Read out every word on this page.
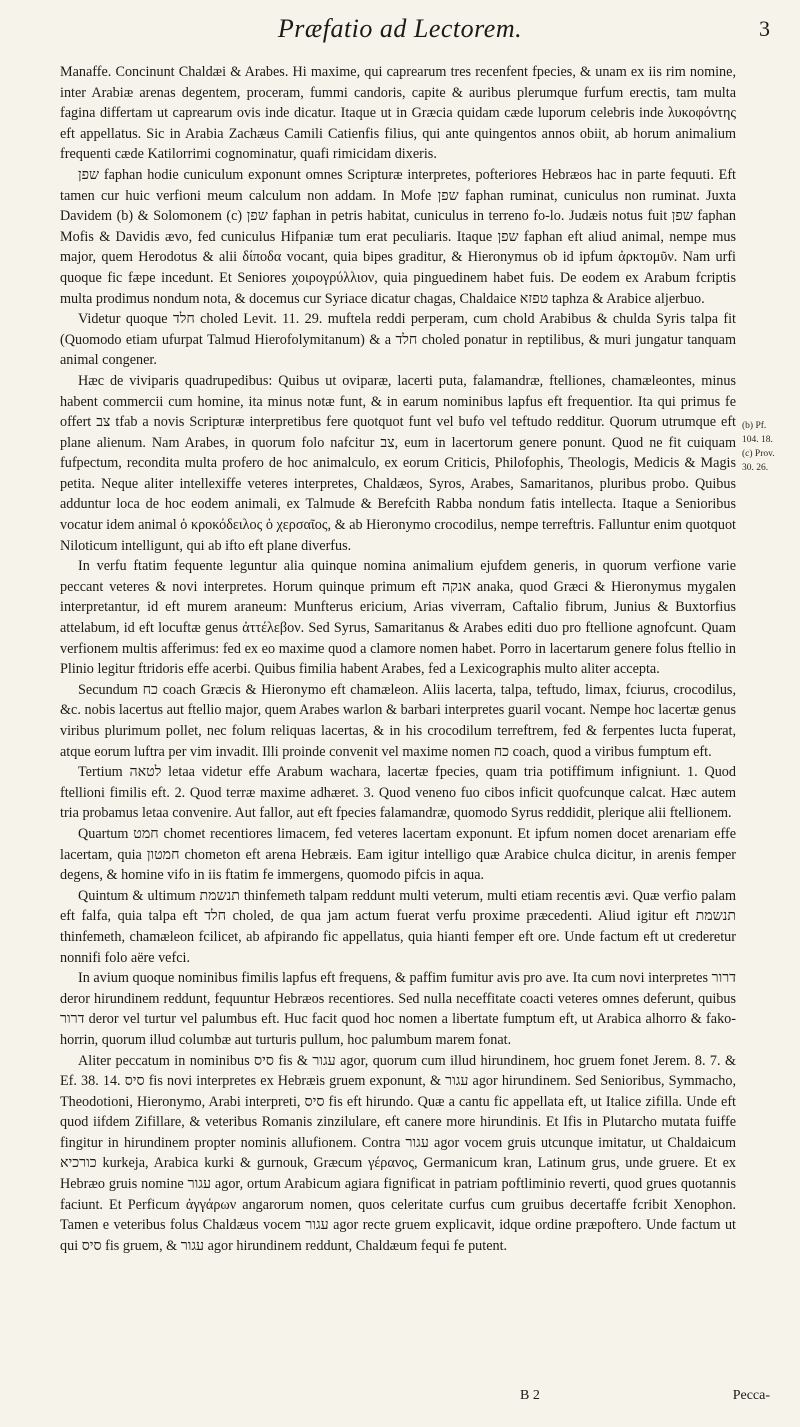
Præfatio ad Lectorem.	3

Manaffe. Concinunt Chaldæi & Arabes. Hi maxime, qui caprearum tres recenfent fpecies, & unam ex iis rim nomine, inter Arabiæ arenas degentem, proceram, fummi candoris, capite & auribus plerumque furfum erectis, tam multa fagina differtam ut caprearum ovis inde dicatur. Itaque ut in Græcia quidam cæde luporum celebris inde λυκοφόντης eft appellatus. Sic in Arabia Zachæus Camili Catienfis filius, qui ante quingentos annos obiit, ab horum animalium frequenti cæde Katilorrimi cognominatur, quafi rimicidam dixeris.

שפן faphan hodie cuniculum exponunt omnes Scripturæ interpretes, pofteriores Hebræos hac in parte fequuti. Eft tamen cur huic verfioni meum calculum non addam. In Mofe שפן faphan ruminat, cuniculus non ruminat. Juxta Davidem (b) & Solomonem (c) שפן faphan in petris habitat, cuniculus in terreno fo-lo. Judæis notus fuit שפן faphan Mofis & Davidis ævo, fed cuniculus Hifpaniæ tum erat peculiaris. Itaque שפן faphan eft aliud animal, nempe mus major, quem Herodotus & alii δίποδα vocant, quia bipes graditur, & Hieronymus ob id ipfum ἀρκτομῦν. Nam urfi quoque fic fæpe incedunt. Et Seniores χοιρογρύλλιον, quia pinguedinem habet fuis. De eodem ex Arabum fcriptis multa prodimus nondum nota, & docemus cur Syriace dicatur chagas, Chaldaice טפזא taphza & Arabice aljerbuo.

Videtur quoque חלד choled Levit. 11. 29. muftela reddi perperam, cum chold Arabibus & chulda Syris talpa fit (Quomodo etiam ufurpat Talmud Hierofolymitanum) & a חלד choled ponatur in reptilibus, & muri jungatur tanquam animal congener.

Hæc de viviparis quadrupedibus: Quibus ut oviparæ, lacerti puta, falamandræ, ftelliones, chamæleontes, minus habent commercii cum homine, ita minus notæ funt, & in earum nominibus lapfus eft frequentior. Ita qui primus fe offert צב tfab a novis Scripturæ interpretibus fere quotquot funt vel bufo vel teftudo redditur. Quorum utrumque eft plane alienum. Nam Arabes, in quorum folo nafcitur צב, eum in lacertorum genere ponunt. Quod ne fit cuiquam fufpectum, recondita multa profero de hoc animalculo, ex eorum Criticis, Philofophis, Theologis, Medicis & Magis petita. Neque aliter intellexiffe veteres interpretes, Chaldæos, Syros, Arabes, Samaritanos, pluribus probo. Quibus adduntur loca de hoc eodem animali, ex Talmude & Berefcith Rabba nondum fatis intellecta. Itaque a Senioribus vocatur idem animal ὁ κροκόδειλος ὁ χερσαῖος, & ab Hieronymo crocodilus, nempe terreftris. Falluntur enim quotquot Niloticum intelligunt, qui ab ifto eft plane diverfus.

In verfu ftatim fequente leguntur alia quinque nomina animalium ejufdem generis, in quorum verfione varie peccant veteres & novi interpretes. Horum quinque primum eft אנקה anaka, quod Græci & Hieronymus mygalen interpretantur, id eft murem araneum: Munfterus ericium, Arias viverram, Caftalio fibrum, Junius & Buxtorfius attelabum, id eft locuftæ genus ἀττέλεβον. Sed Syrus, Samaritanus & Arabes editi duo pro ftellione agnofcunt. Quam verfionem multis afferimus: fed ex eo maxime quod a clamore nomen habet. Porro in lacertarum genere folus ftellio in Plinio legitur ftridoris effe acerbi. Quibus fimilia habent Arabes, fed a Lexicographis multo aliter accepta.

Secundum כח coach Græcis & Hieronymo eft chamæleon. Aliis lacerta, talpa, teftudo, limax, fciurus, crocodilus, &c. nobis lacertus aut ftellio major, quem Arabes warlon & barbari interpretes guaril vocant. Nempe hoc lacertæ genus viribus plurimum pollet, nec folum reliquas lacertas, & in his crocodilum terreftrem, fed & ferpentes lucta fuperat, atque eorum luftra per vim invadit. Illi proinde convenit vel maxime nomen כח coach, quod a viribus fumptum eft.

Tertium לטאה letaa videtur effe Arabum wachara, lacertæ fpecies, quam tria potiffimum infigniunt. 1. Quod ftellioni fimilis eft. 2. Quod terræ maxime adhæret. 3. Quod veneno fuo cibos inficit quofcunque calcat. Hæc autem tria probamus letaa convenire. Aut fallor, aut eft fpecies falamandræ, quomodo Syrus reddidit, plerique alii ftellionem.

Quartum חמט chomet recentiores limacem, fed veteres lacertam exponunt. Et ipfum nomen docet arenariam effe lacertam, quia חמטון chometon eft arena Hebræis. Eam igitur intelligo quæ Arabice chulca dicitur, in arenis femper degens, & homine vifo in iis ftatim fe immergens, quomodo pifcis in aqua.

Quintum & ultimum תנשמת thinfemeth talpam reddunt multi veterum, multi etiam recentis ævi. Quæ verfio palam eft falfa, quia talpa eft חלד choled, de qua jam actum fuerat verfu proxime præcedenti. Aliud igitur eft תנשמת thinfemeth, chamæleon fcilicet, ab afpirando fic appellatus, quia hianti femper eft ore. Unde factum eft ut crederetur nonnifi folo aëre vefci.

In avium quoque nominibus fimilis lapfus eft frequens, & paffim fumitur avis pro ave. Ita cum novi interpretes דרור deror hirundinem reddunt, fequuntur Hebræos recentiores. Sed nulla neceffitate coacti veteres omnes deferunt, quibus דרור deror vel turtur vel palumbus eft. Huc facit quod hoc nomen a libertate fumptum eft, ut Arabica alhorro & fako-horrin, quorum illud columbæ aut turturis pullum, hoc palumbum marem fonat.

Aliter peccatum in nominibus סיס fis & עגור agor, quorum cum illud hirundinem, hoc gruem fonet Jerem. 8. 7. & Ef. 38. 14. סיס fis novi interpretes ex Hebræis gruem exponunt, & עגור agor hirundinem. Sed Senioribus, Symmacho, Theodotioni, Hieronymo, Arabi interpreti, סיס fis eft hirundo. Quæ a cantu fic appellata eft, ut Italice zifilla. Unde eft quod iifdem Zifillare, & veteribus Romanis zinzilulare, eft canere more hirundinis. Et Ifis in Plutarcho mutata fuiffe fingitur in hirundinem propter nominis allufionem. Contra עגור agor vocem gruis utcunque imitatur, ut Chaldaicum כורכיא kurkeja, Arabica kurki & gurnouk, Græcum γέρανος, Germanicum kran, Latinum grus, unde gruere. Et ex Hebræo gruis nomine עגור agor, ortum Arabicum agiara fignificat in patriam poftliminio reverti, quod grues quotannis faciunt. Et Perficum ἀγγάρων angarorum nomen, quos celeritate curfus cum gruibus decertaffe fcribit Xenophon. Tamen e veteribus folus Chaldæus vocem עגור agor recte gruem explicavit, idque ordine præpoftero. Unde factum ut qui סיס fis gruem, & עגור agor hirundinem reddunt, Chaldæum fequi fe putent.

(b) Pf.
104. 18.
(c) Prov.
30. 26.
B 2	Pecca-
